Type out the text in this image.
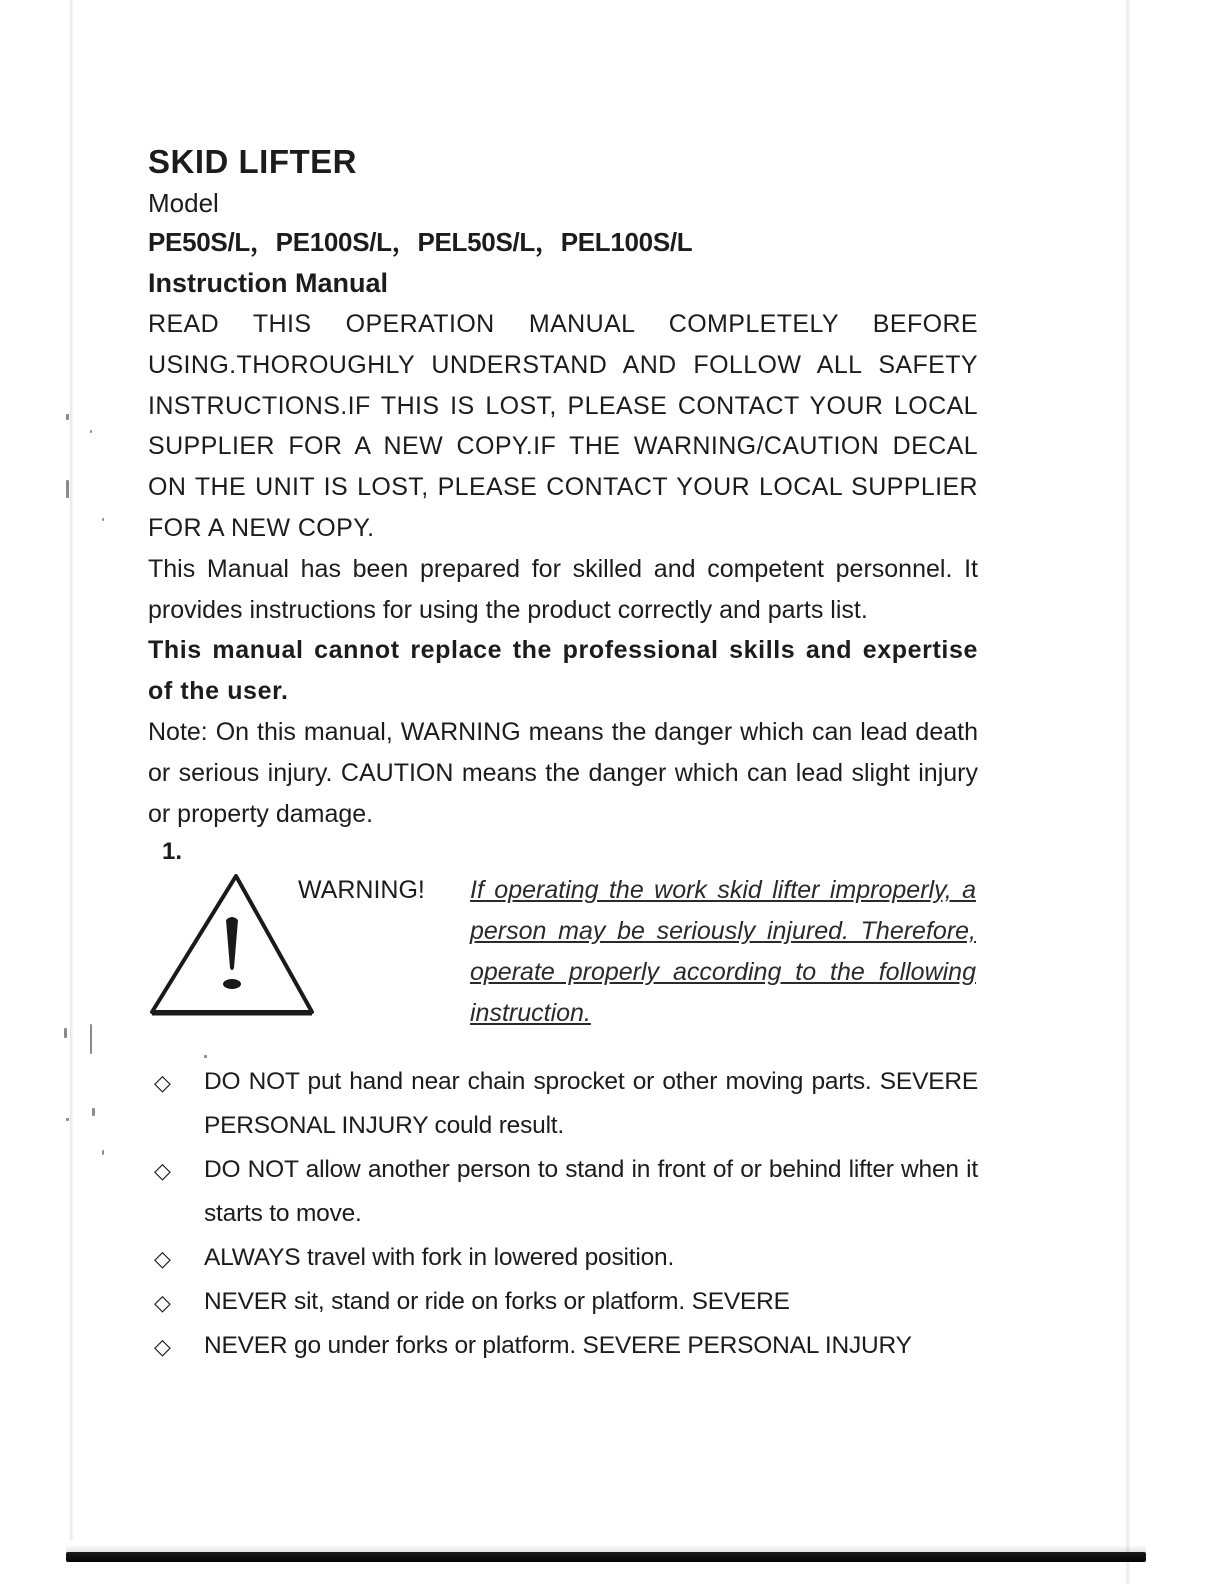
SKID LIFTER

Model

PE50S/L，PE100S/L，PEL50S/L，PEL100S/L

Instruction Manual

READ THIS OPERATION MANUAL COMPLETELY BEFORE USING.THOROUGHLY UNDERSTAND AND FOLLOW ALL SAFETY INSTRUCTIONS.IF THIS IS LOST, PLEASE CONTACT YOUR LOCAL SUPPLIER FOR A NEW COPY.IF THE WARNING/CAUTION DECAL ON THE UNIT IS LOST, PLEASE CONTACT YOUR LOCAL SUPPLIER FOR A NEW COPY.

This Manual has been prepared for skilled and competent personnel. It provides instructions for using the product correctly and parts list.

This manual cannot replace the professional skills and expertise of the user.

Note: On this manual, WARNING means the danger which can lead death or serious injury. CAUTION means the danger which can lead slight injury or property damage.

1.

WARNING! If operating the work skid lifter improperly, a person may be seriously injured. Therefore, operate properly according to the following instruction.
◇ DO NOT put hand near chain sprocket or other moving parts. SEVERE PERSONAL INJURY could result.
◇ DO NOT allow another person to stand in front of or behind lifter when it starts to move.
◇ ALWAYS travel with fork in lowered position.
◇ NEVER sit, stand or ride on forks or platform. SEVERE
◇ NEVER go under forks or platform. SEVERE PERSONAL INJURY
